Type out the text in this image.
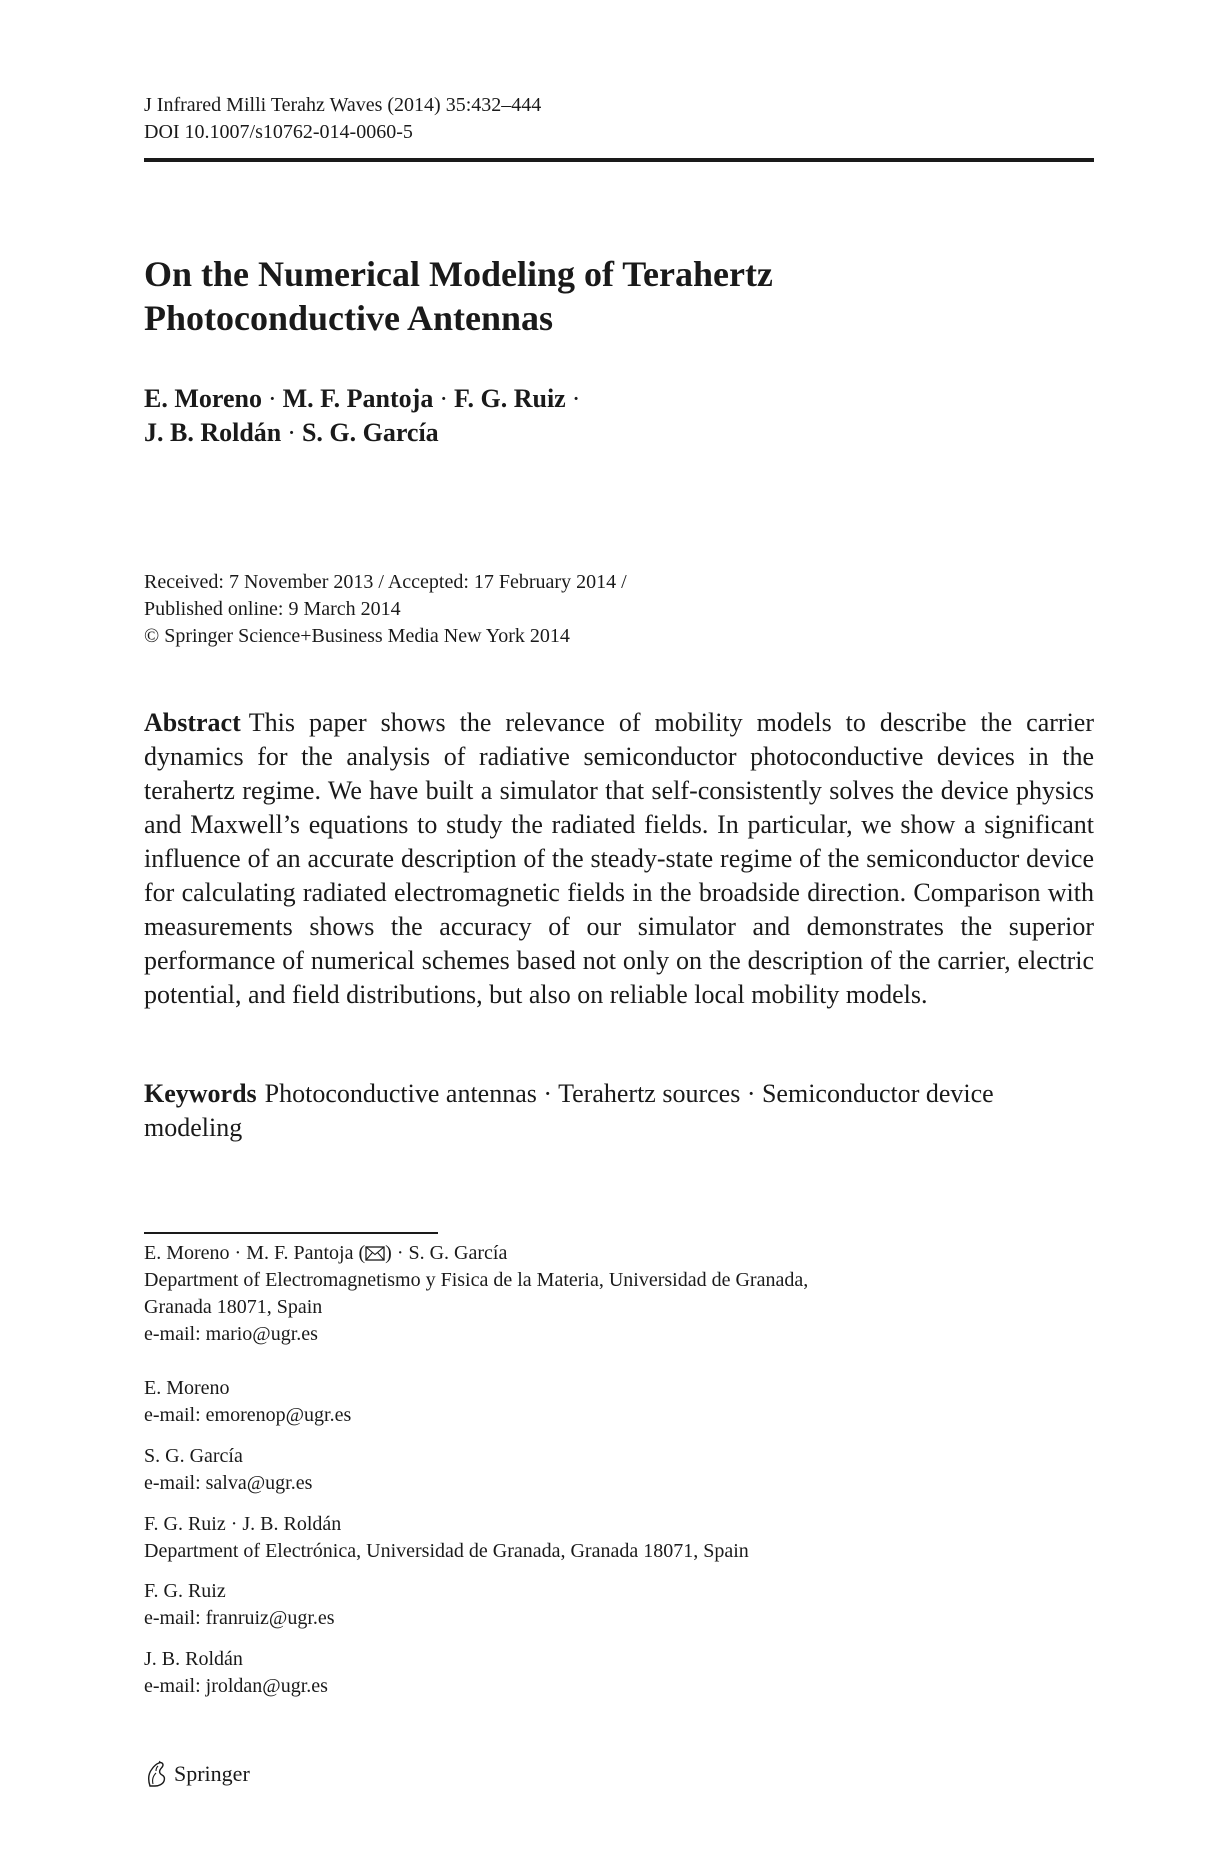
J Infrared Milli Terahz Waves (2014) 35:432–444
DOI 10.1007/s10762-014-0060-5
On the Numerical Modeling of Terahertz
Photoconductive Antennas
E. Moreno · M. F. Pantoja · F. G. Ruiz ·
J. B. Roldán · S. G. García
Received: 7 November 2013 / Accepted: 17 February 2014 /
Published online: 9 March 2014
© Springer Science+Business Media New York 2014

Abstract This paper shows the relevance of mobility models to describe the carrier dynamics for the analysis of radiative semiconductor photoconductive devices in the terahertz regime. We have built a simulator that self-consistently solves the device physics and Maxwell’s equations to study the radiated fields. In particular, we show a significant influence of an accurate description of the steady-state regime of the semiconductor device for calculating radiated electromagnetic fields in the broadside direction. Comparison with measurements shows the accuracy of our simulator and demonstrates the superior performance of numerical schemes based not only on the description of the carrier, electric potential, and field distributions, but also on reliable local mobility models.

Keywords Photoconductive antennas · Terahertz sources · Semiconductor device modeling

E. Moreno · M. F. Pantoja ( ) · S. G. García
Department of Electromagnetismo y Fisica de la Materia, Universidad de Granada,
Granada 18071, Spain
e-mail: mario@ugr.es
E. Moreno
e-mail: emorenop@ugr.es
S. G. García
e-mail: salva@ugr.es
F. G. Ruiz · J. B. Roldán
Department of Electrónica, Universidad de Granada, Granada 18071, Spain
F. G. Ruiz
e-mail: franruiz@ugr.es
J. B. Roldán
e-mail: jroldan@ugr.es
Springer
